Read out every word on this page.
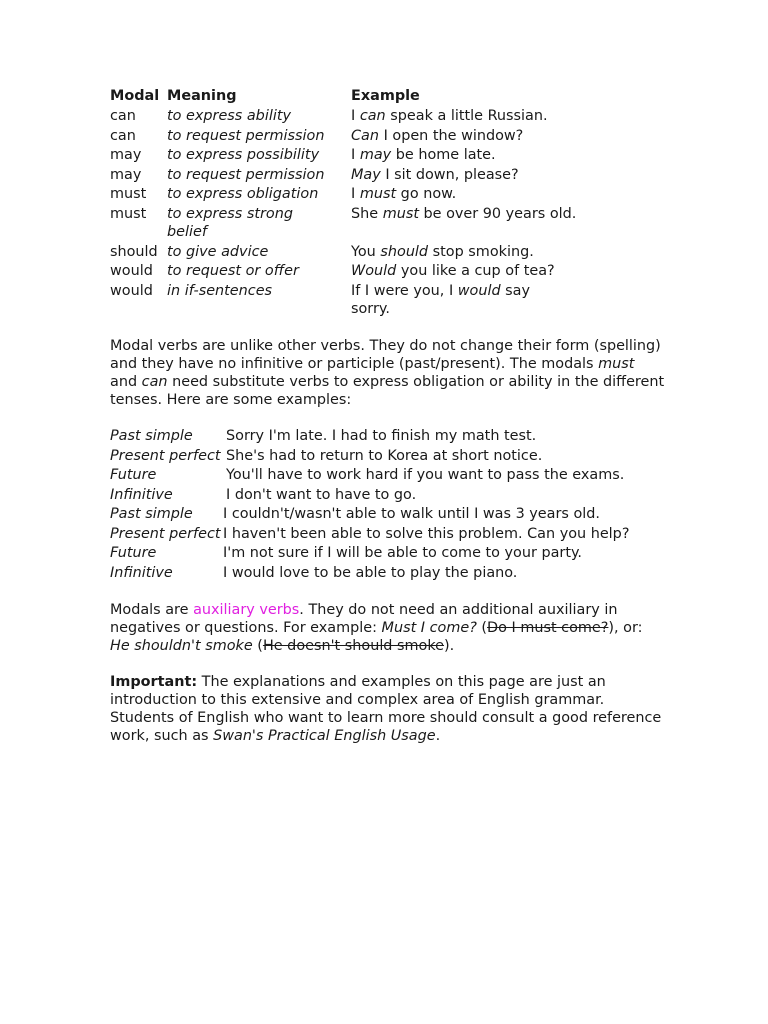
Modal	Meaning	Example
can	to express ability	I can speak a little Russian.
can	to request permission	Can I open the window?
may	to express possibility	I may be home late.
may	to request permission	May I sit down, please?
must	to express obligation	I must go now.
must	to express strong belief	She must be over 90 years old.
should	to give advice	You should stop smoking.
would	to request or offer	Would you like a cup of tea?
would	in if-sentences	If I were you, I would say sorry.

Modal verbs are unlike other verbs. They do not change their form (spelling) and they have no infinitive or participle (past/present). The modals must and can need substitute verbs to express obligation or ability in the different tenses. Here are some examples:

Past simple	Sorry I'm late. I had to finish my math test.
Present perfect	She's had to return to Korea at short notice.
Future	You'll have to work hard if you want to pass the exams.
Infinitive	I don't want to have to go.
Past simple	I couldn't/wasn't able to walk until I was 3 years old.
Present perfect	I haven't been able to solve this problem. Can you help?
Future	I'm not sure if I will be able to come to your party.
Infinitive	I would love to be able to play the piano.

Modals are auxiliary verbs. They do not need an additional auxiliary in negatives or questions. For example: Must I come? (Do I must come?), or: He shouldn't smoke (He doesn't should smoke).

Important: The explanations and examples on this page are just an introduction to this extensive and complex area of English grammar. Students of English who want to learn more should consult a good reference work, such as Swan's Practical English Usage.
